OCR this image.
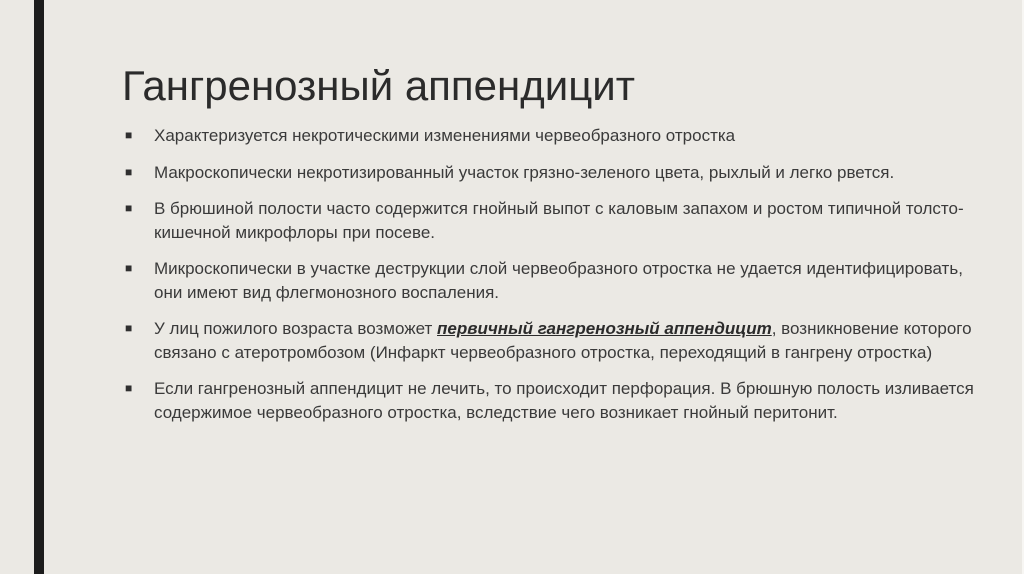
Гангренозный аппендицит
■ Характеризуется некротическими изменениями червеобразного отростка
■ Макроскопически некротизированный участок грязно-зеленого цвета, рыхлый и легко рвется.
■ В брюшиной полости часто содержится гнойный выпот с каловым запахом и ростом типичной толсто-кишечной микрофлоры при посеве.
■ Микроскопически в участке деструкции слой червеобразного отростка не удается идентифицировать, они имеют вид флегмонозного воспаления.
■ У лиц пожилого возраста возможет первичный гангренозный аппендицит, возникновение которого связано с атеротромбозом (Инфаркт червеобразного отростка, переходящий в гангрену отростка)
■ Если гангренозный аппендицит не лечить, то происходит перфорация. В брюшную полость изливается содержимое червеобразного отростка, вследствие чего возникает гнойный перитонит.
